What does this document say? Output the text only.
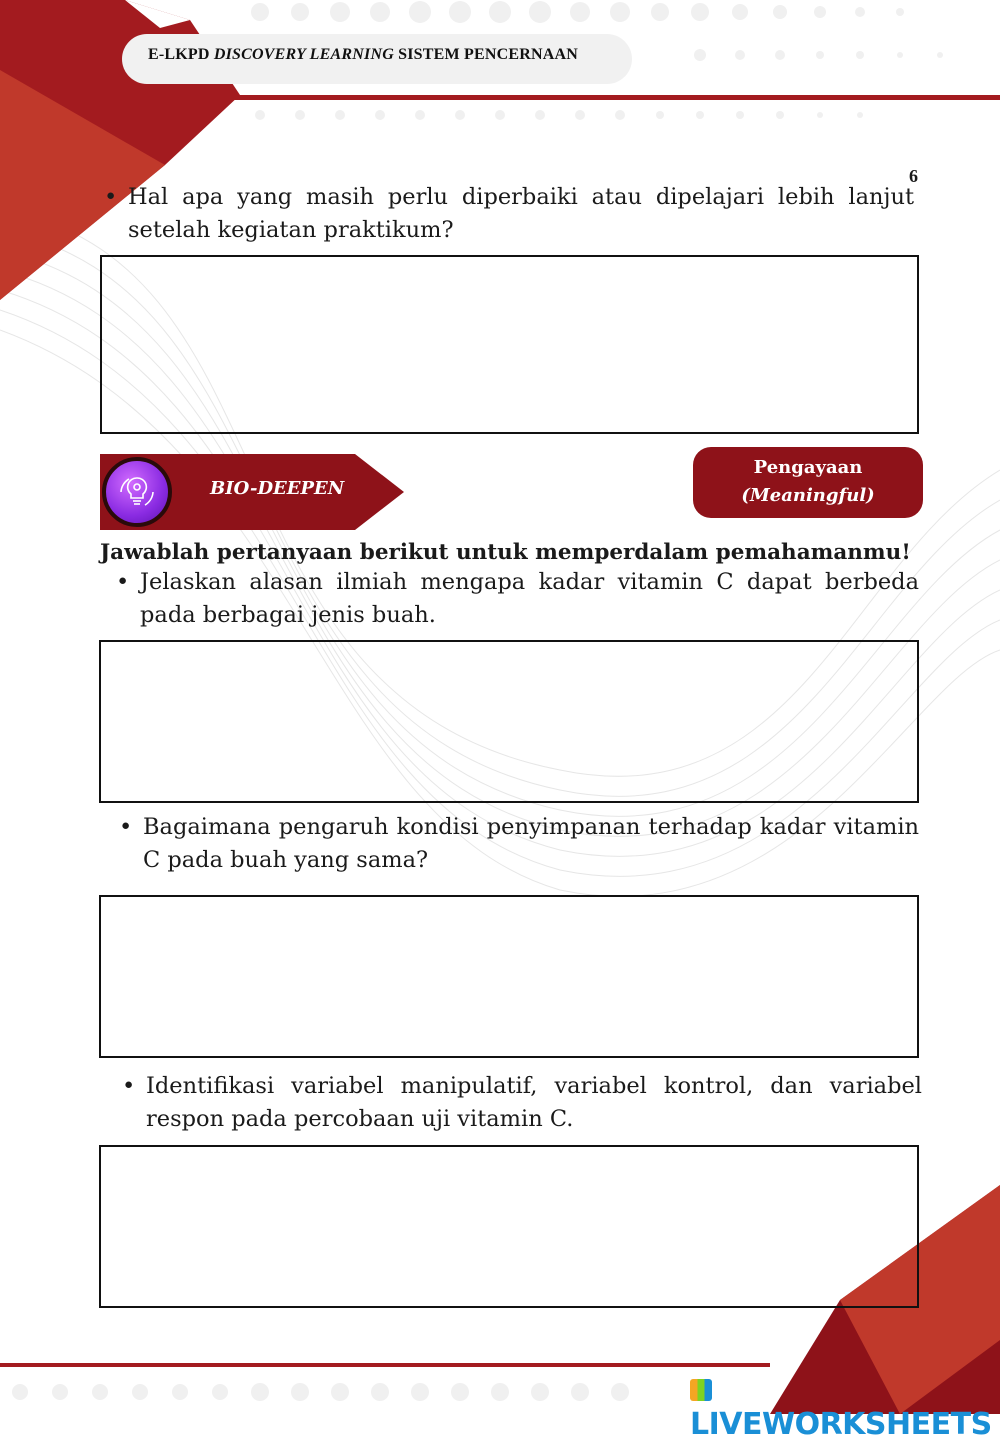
E-LKPD DISCOVERY LEARNING SISTEM PENCERNAAN
6
• Hal apa yang masih perlu diperbaiki atau dipelajari lebih lanjut setelah kegiatan praktikum?
BIO-DEEPEN
Pengayaan
(Meaningful)
Jawablah pertanyaan berikut untuk memperdalam pemahamanmu!
• Jelaskan alasan ilmiah mengapa kadar vitamin C dapat berbeda pada berbagai jenis buah.
• Bagaimana pengaruh kondisi penyimpanan terhadap kadar vitamin C pada buah yang sama?
• Identifikasi variabel manipulatif, variabel kontrol, dan variabel respon pada percobaan uji vitamin C.
LIVEWORKSHEETS
